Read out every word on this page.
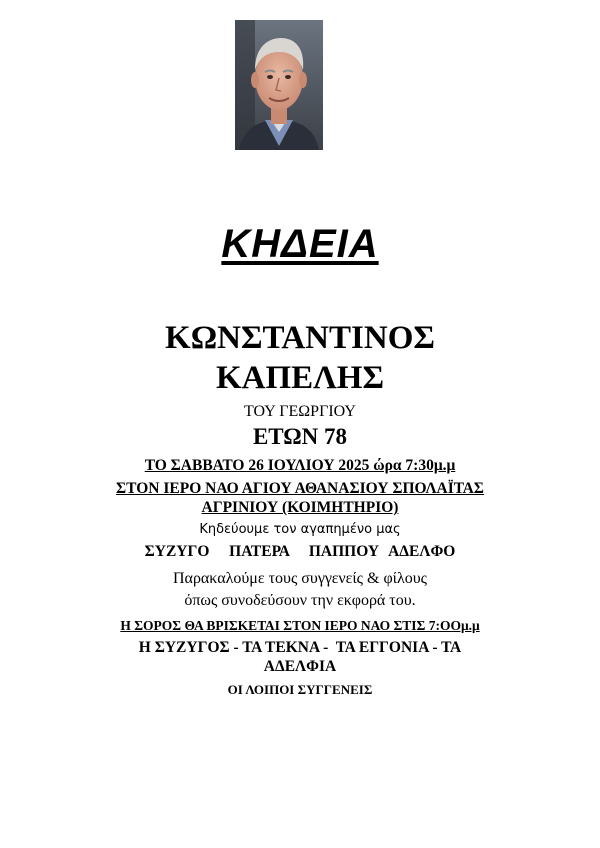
ΚΗΔΕΙΑ
ΚΩΝΣΤΑΝΤΙΝΟΣ
ΚΑΠΕΛΗΣ
ΤΟΥ ΓΕΩΡΓΙΟΥ
ΕΤΩΝ 78
ΤΟ ΣΑΒΒΑΤΟ 26 ΙΟΥΛΙΟΥ 2025 ώρα 7:30μ.μ
ΣΤΟΝ ΙΕΡΟ ΝΑΟ ΑΓΙΟΥ ΑΘΑΝΑΣΙΟΥ ΣΠΟΛΑΪΤΑΣ
ΑΓΡΙΝΙΟΥ (ΚΟΙΜΗΤΗΡΙΟ)
Κηδεύουμε τον αγαπημένο μας
ΣΥΖΥΓΟ  ΠΑΤΕΡΑ  ΠΑΠΠΟΥ ΑΔΕΛΦΟ
Παρακαλούμε τους συγγενείς & φίλους
όπως συνοδεύσουν την εκφορά του.
Η ΣΟΡΟΣ ΘΑ ΒΡΙΣΚΕΤΑΙ ΣΤΟΝ ΙΕΡΟ ΝΑΟ ΣΤΙΣ 7:ΟΟμ.μ
Η ΣΥΖΥΓΟΣ - ΤΑ ΤΕΚΝΑ -  ΤΑ ΕΓΓΟΝΙΑ - ΤΑ
ΑΔΕΛΦΙΑ
ΟΙ ΛΟΙΠΟΙ ΣΥΓΓΕΝΕΙΣ
